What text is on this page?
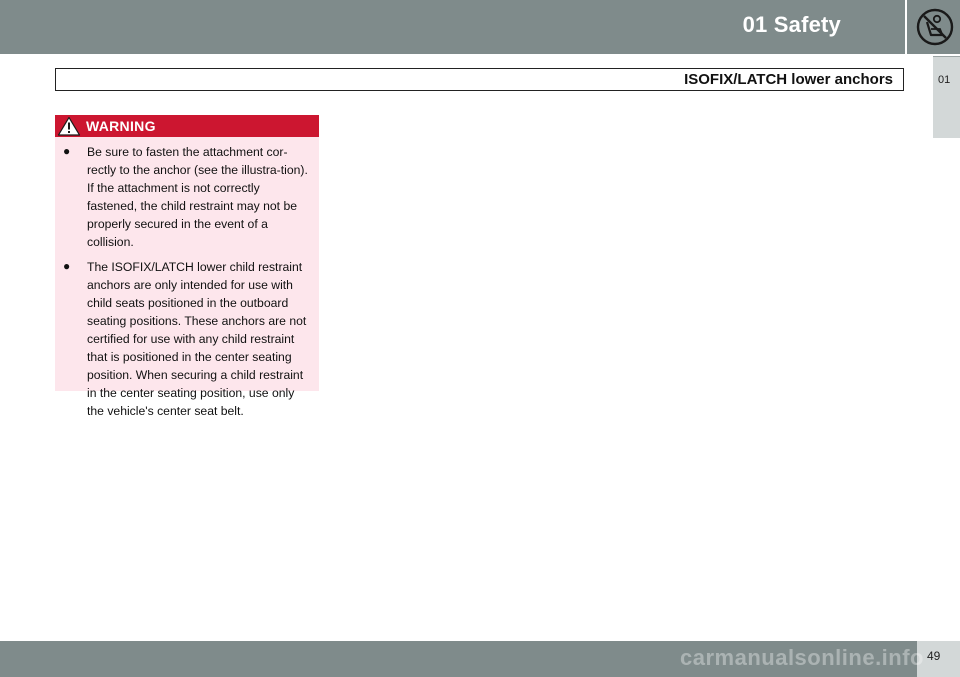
01 Safety
01
ISOFIX/LATCH lower anchors
WARNING
● Be sure to fasten the attachment cor-rectly to the anchor (see the illustra-tion). If the attachment is not correctly fastened, the child restraint may not be properly secured in the event of a collision.
● The ISOFIX/LATCH lower child restraint anchors are only intended for use with child seats positioned in the outboard seating positions. These anchors are not certified for use with any child restraint that is positioned in the center seating position. When securing a child restraint in the center seating position, use only the vehicle's center seat belt.
49
carmanualsonline.info
